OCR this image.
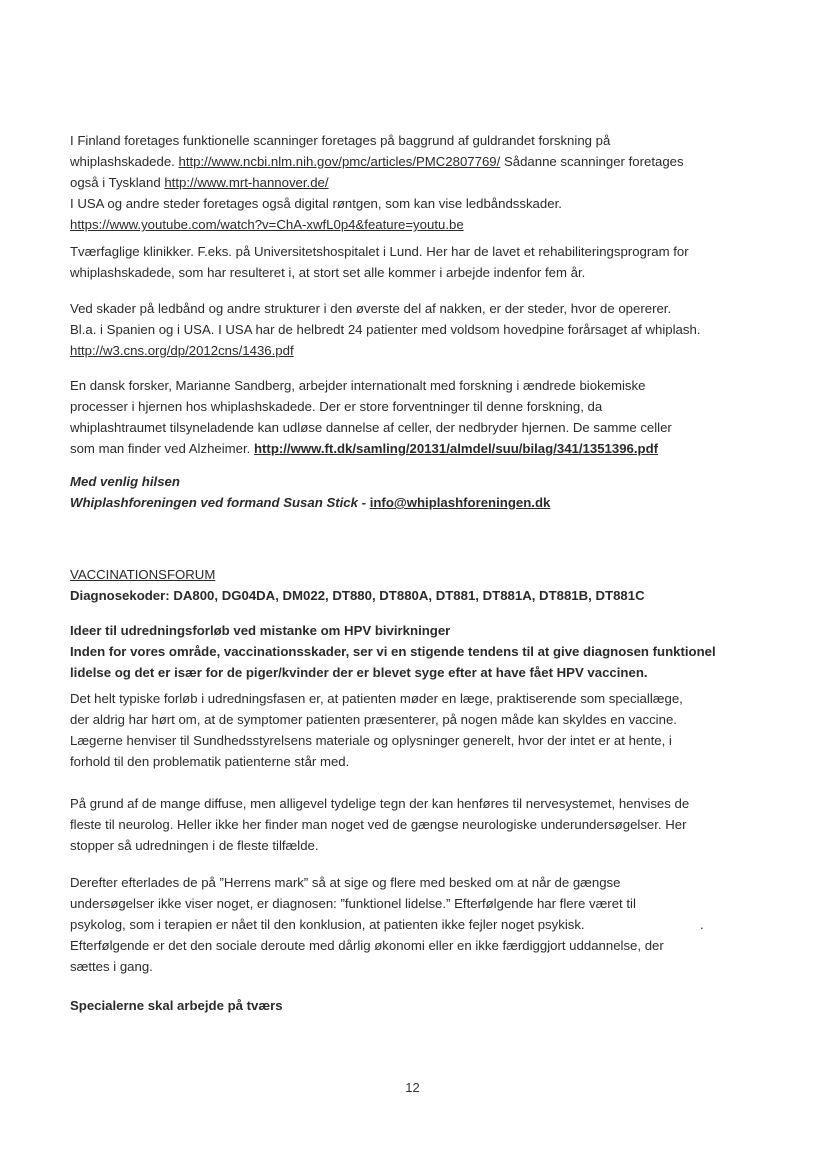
I Finland foretages funktionelle scanninger foretages på baggrund af guldrandet forskning på

whiplashskadede. http://www.ncbi.nlm.nih.gov/pmc/articles/PMC2807769/ Sådanne scanninger foretages

også i Tyskland http://www.mrt-hannover.de/

I USA og andre steder foretages også digital røntgen, som kan vise ledbåndsskader.

https://www.youtube.com/watch?v=ChA-xwfL0p4&feature=youtu.be

Tværfaglige klinikker. F.eks. på Universitetshospitalet i Lund. Her har de lavet et rehabiliteringsprogram for

whiplashskadede, som har resulteret i, at stort set alle kommer i arbejde indenfor fem år.

Ved skader på ledbånd og andre strukturer i den øverste del af nakken, er der steder, hvor de opererer.

Bl.a. i Spanien og i USA. I USA har de helbredt 24 patienter med voldsom hovedpine forårsaget af whiplash.

http://w3.cns.org/dp/2012cns/1436.pdf

En dansk forsker, Marianne Sandberg, arbejder internationalt med forskning i ændrede biokemiske

processer i hjernen hos whiplashskadede. Der er store forventninger til denne forskning, da

whiplashtraumet tilsyneladende kan udløse dannelse af celler, der nedbryder hjernen. De samme celler

som man finder ved Alzheimer. http://www.ft.dk/samling/20131/almdel/suu/bilag/341/1351396.pdf

Med venlig hilsen

Whiplashforeningen ved formand Susan Stick - info@whiplashforeningen.dk

VACCINATIONSFORUM

Diagnosekoder: DA800, DG04DA, DM022, DT880, DT880A, DT881, DT881A, DT881B, DT881C

Ideer til udredningsforløb ved mistanke om HPV bivirkninger

Inden for vores område, vaccinationsskader, ser vi en stigende tendens til at give diagnosen funktionel

lidelse og det er især for de piger/kvinder der er blevet syge efter at have fået HPV vaccinen.

Det helt typiske forløb i udredningsfasen er, at patienten møder en læge, praktiserende som speciallæge,

der aldrig har hørt om, at de symptomer patienten præsenterer, på nogen måde kan skyldes en vaccine.

Lægerne henviser til Sundhedsstyrelsens materiale og oplysninger generelt, hvor der intet er at hente, i

forhold til den problematik patienterne står med.

På grund af de mange diffuse, men alligevel tydelige tegn der kan henføres til nervesystemet, henvises de

fleste til neurolog. Heller ikke her finder man noget ved de gængse neurologiske underundersøgelser. Her

stopper så udredningen i de fleste tilfælde.

Derefter efterlades de på ”Herrens mark” så at sige og flere med besked om at når de gængse

undersøgelser ikke viser noget, er diagnosen: ”funktionel lidelse.” Efterfølgende har flere været til

psykolog, som i terapien er nået til den konklusion, at patienten ikke fejler noget psykisk.	.

Efterfølgende er det den sociale deroute med dårlig økonomi eller en ikke færdiggjort uddannelse, der

sættes i gang.

Specialerne skal arbejde på tværs

12
